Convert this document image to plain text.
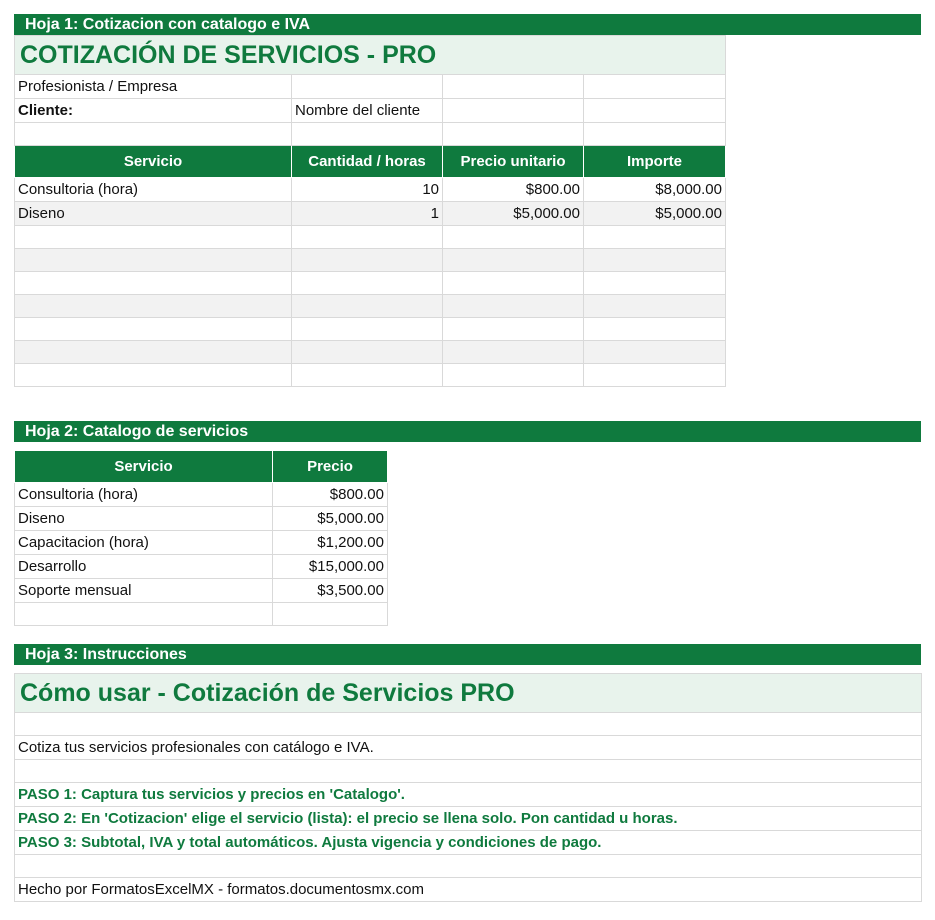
Hoja 1: Cotizacion con catalogo e IVA
COTIZACIÓN DE SERVICIOS - PRO			
Profesionista / Empresa			
Cliente:	Nombre del cliente		

Servicio	Cantidad / horas	Precio unitario	Importe
Consultoria (hora)	10	$800.00	$8,000.00
Diseno	1	$5,000.00	$5,000.00

Hoja 2: Catalogo de servicios
Servicio	Precio
Consultoria (hora)	$800.00
Diseno	$5,000.00
Capacitacion (hora)	$1,200.00
Desarrollo	$15,000.00
Soporte mensual	$3,500.00

Hoja 3: Instrucciones
Cómo usar - Cotización de Servicios PRO

Cotiza tus servicios profesionales con catálogo e IVA.

PASO 1: Captura tus servicios y precios en 'Catalogo'.
PASO 2: En 'Cotizacion' elige el servicio (lista): el precio se llena solo. Pon cantidad u horas.
PASO 3: Subtotal, IVA y total automáticos. Ajusta vigencia y condiciones de pago.

Hecho por FormatosExcelMX - formatos.documentosmx.com
